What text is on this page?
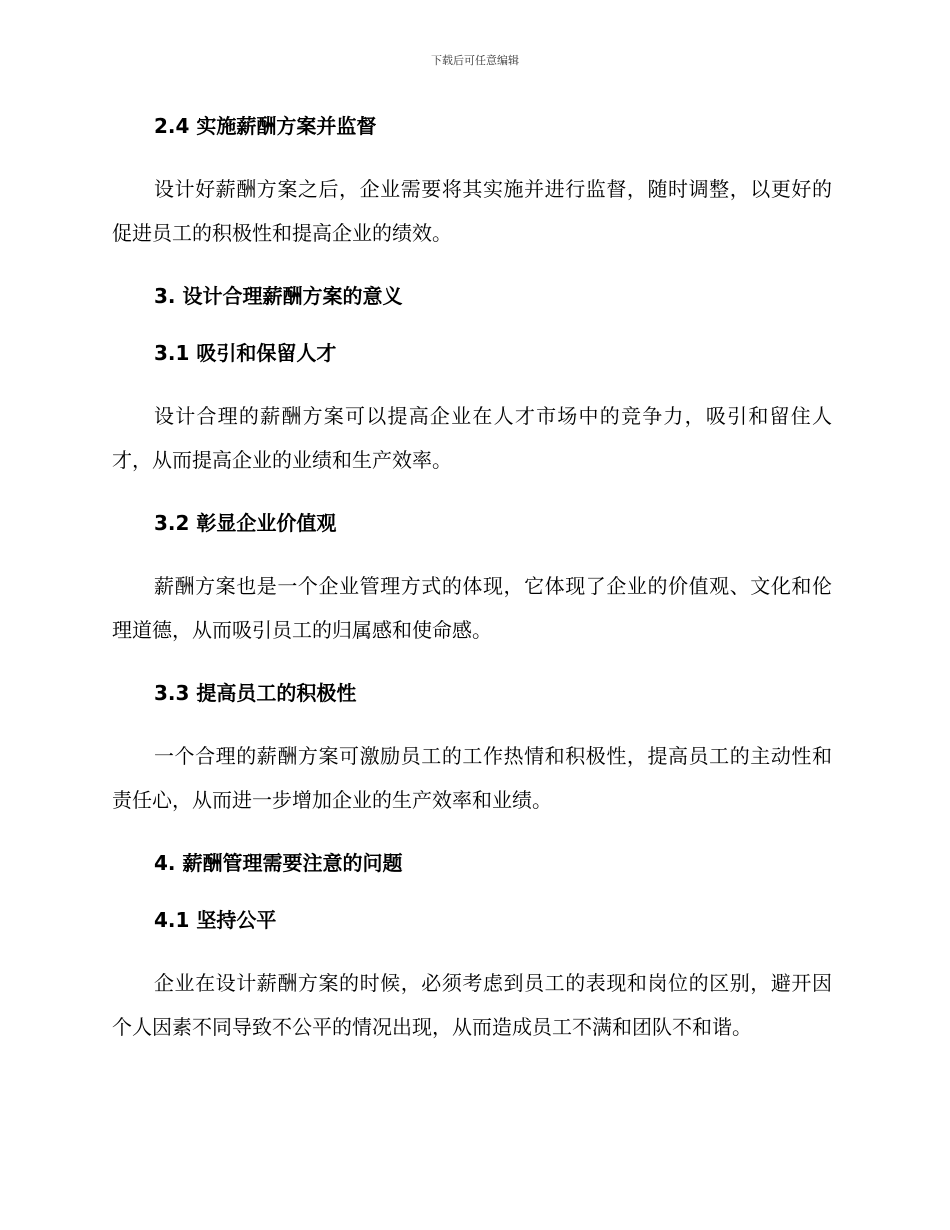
下载后可任意编辑
2.4 实施薪酬方案并监督
设计好薪酬方案之后，企业需要将其实施并进行监督，随时调整，以更好的促进员工的积极性和提高企业的绩效。
3. 设计合理薪酬方案的意义
3.1 吸引和保留人才
设计合理的薪酬方案可以提高企业在人才市场中的竞争力，吸引和留住人才，从而提高企业的业绩和生产效率。
3.2 彰显企业价值观
薪酬方案也是一个企业管理方式的体现，它体现了企业的价值观、文化和伦理道德，从而吸引员工的归属感和使命感。
3.3 提高员工的积极性
一个合理的薪酬方案可激励员工的工作热情和积极性，提高员工的主动性和责任心，从而进一步增加企业的生产效率和业绩。
4. 薪酬管理需要注意的问题
4.1 坚持公平
企业在设计薪酬方案的时候，必须考虑到员工的表现和岗位的区别，避开因个人因素不同导致不公平的情况出现，从而造成员工不满和团队不和谐。
